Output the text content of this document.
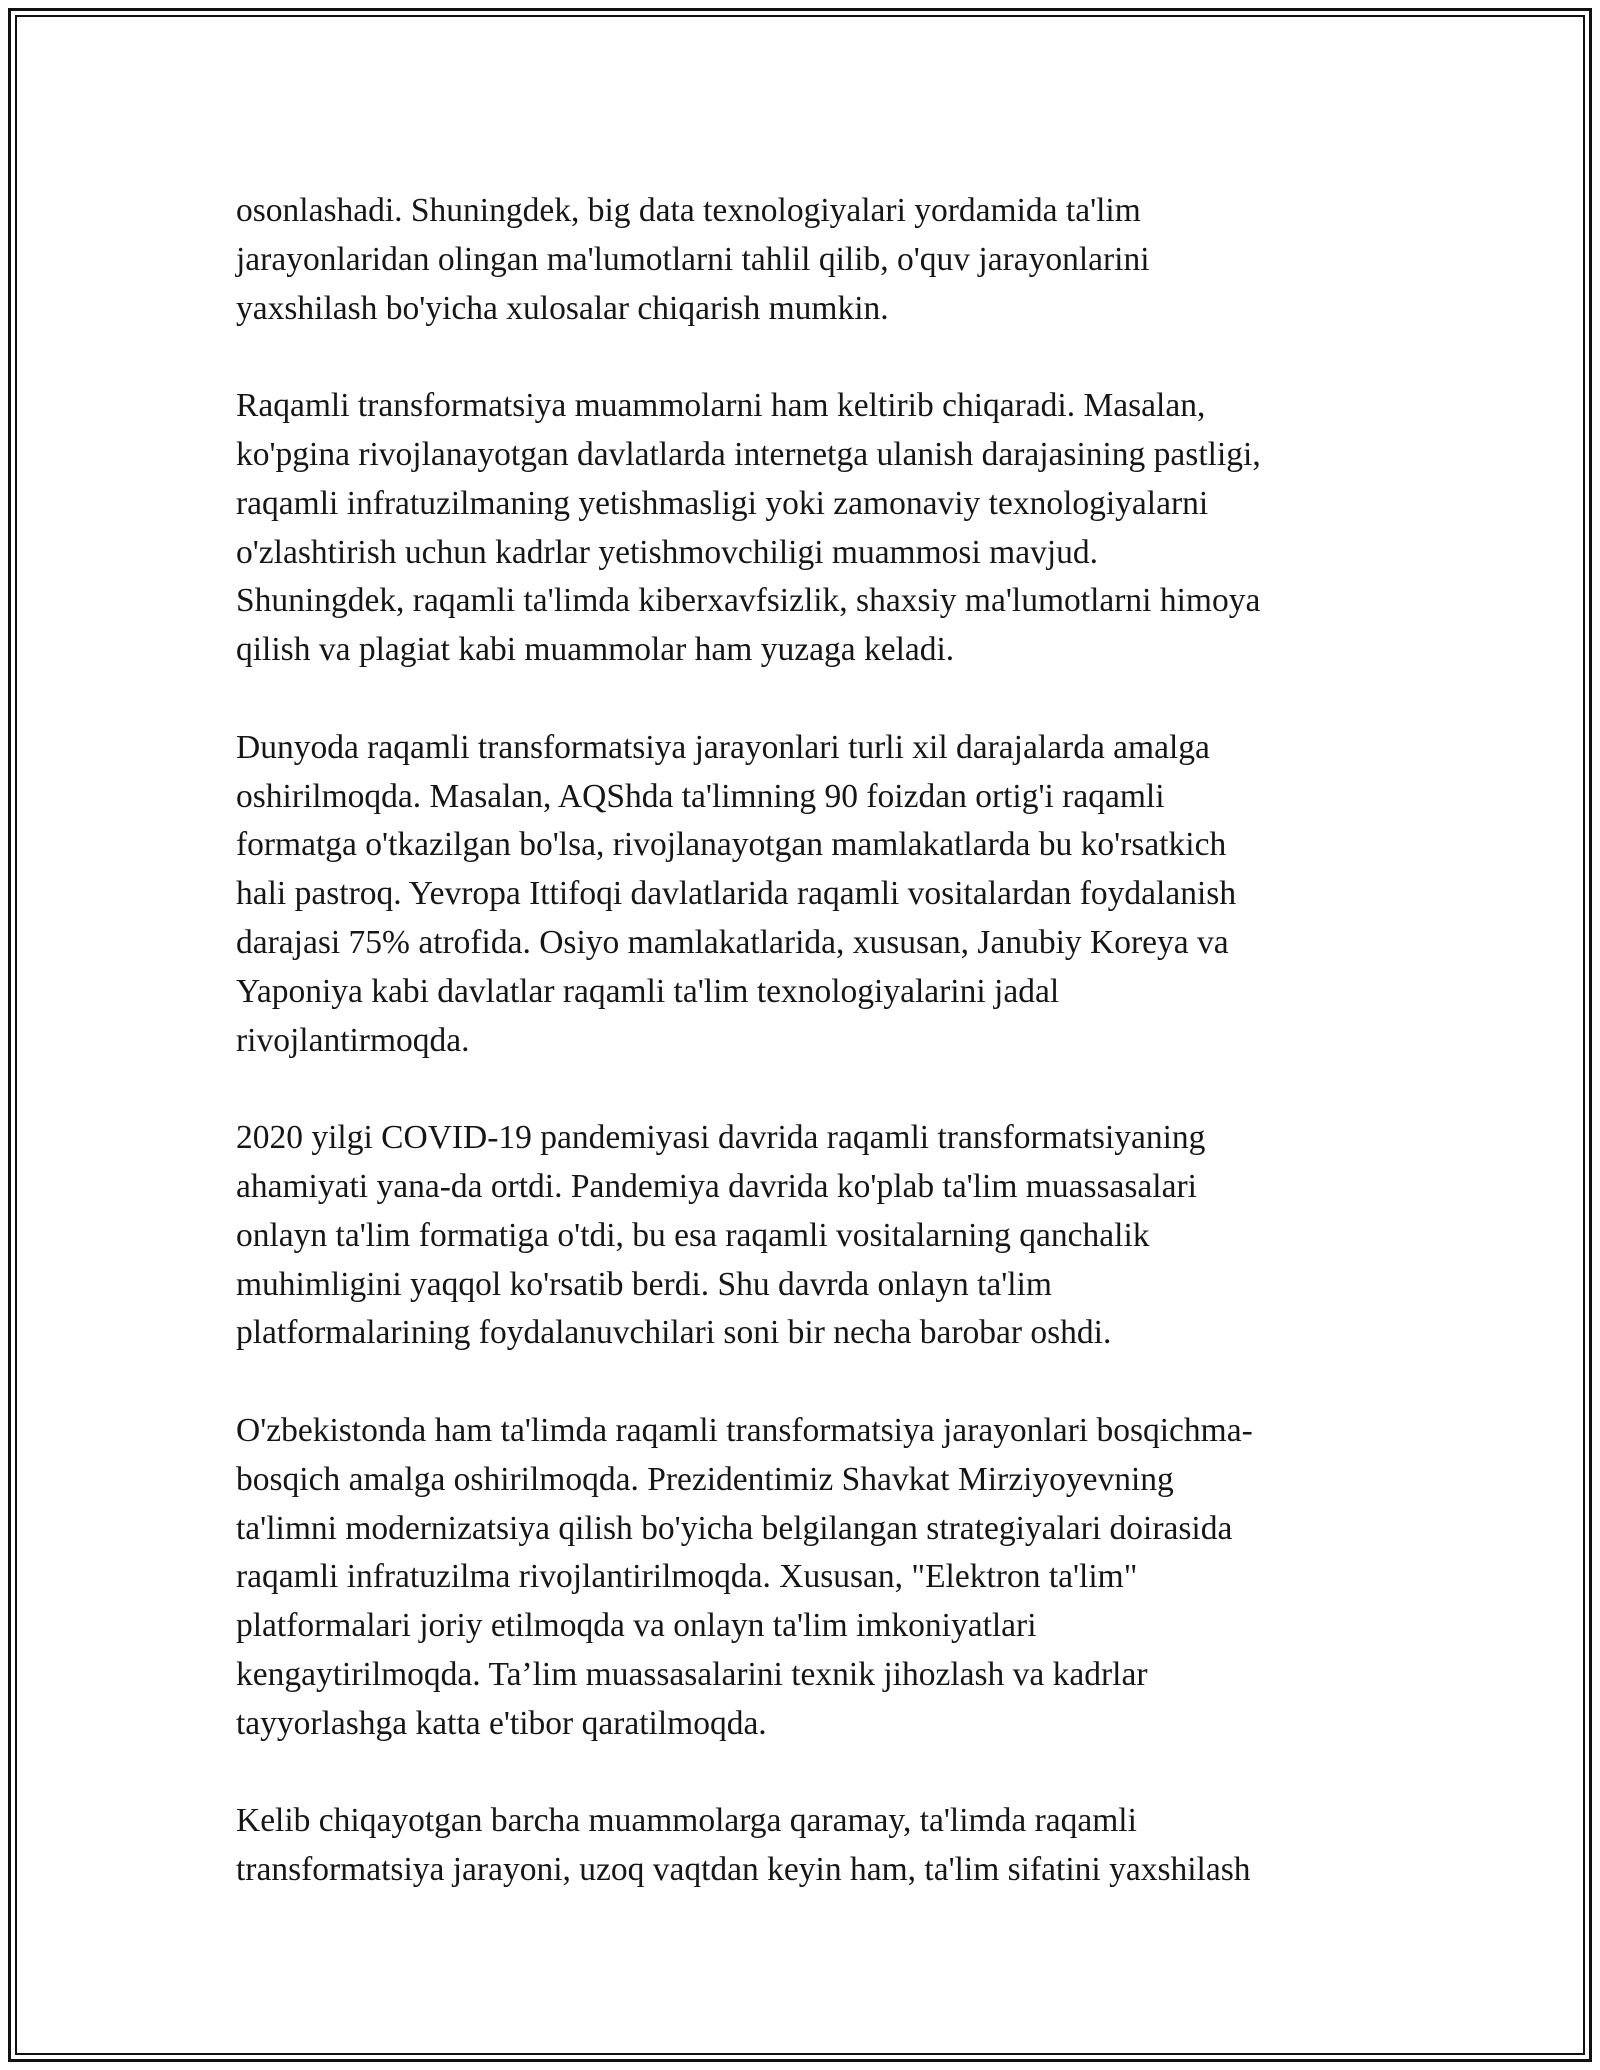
osonlashadi. Shuningdek, big data texnologiyalari yordamida ta'lim
jarayonlaridan olingan ma'lumotlarni tahlil qilib, o'quv jarayonlarini
yaxshilash bo'yicha xulosalar chiqarish mumkin.

Raqamli transformatsiya muammolarni ham keltirib chiqaradi. Masalan,
ko'pgina rivojlanayotgan davlatlarda internetga ulanish darajasining pastligi,
raqamli infratuzilmaning yetishmasligi yoki zamonaviy texnologiyalarni
o'zlashtirish uchun kadrlar yetishmovchiligi muammosi mavjud.
Shuningdek, raqamli ta'limda kiberxavfsizlik, shaxsiy ma'lumotlarni himoya
qilish va plagiat kabi muammolar ham yuzaga keladi.

Dunyoda raqamli transformatsiya jarayonlari turli xil darajalarda amalga
oshirilmoqda. Masalan, AQShda ta'limning 90 foizdan ortig'i raqamli
formatga o'tkazilgan bo'lsa, rivojlanayotgan mamlakatlarda bu ko'rsatkich
hali pastroq. Yevropa Ittifoqi davlatlarida raqamli vositalardan foydalanish
darajasi 75% atrofida. Osiyo mamlakatlarida, xususan, Janubiy Koreya va
Yaponiya kabi davlatlar raqamli ta'lim texnologiyalarini jadal
rivojlantirmoqda.

2020 yilgi COVID-19 pandemiyasi davrida raqamli transformatsiyaning
ahamiyati yana-da ortdi. Pandemiya davrida ko'plab ta'lim muassasalari
onlayn ta'lim formatiga o'tdi, bu esa raqamli vositalarning qanchalik
muhimligini yaqqol ko'rsatib berdi. Shu davrda onlayn ta'lim
platformalarining foydalanuvchilari soni bir necha barobar oshdi.

O'zbekistonda ham ta'limda raqamli transformatsiya jarayonlari bosqichma-
bosqich amalga oshirilmoqda. Prezidentimiz Shavkat Mirziyoyevning
ta'limni modernizatsiya qilish bo'yicha belgilangan strategiyalari doirasida
raqamli infratuzilma rivojlantirilmoqda. Xususan, "Elektron ta'lim"
platformalari joriy etilmoqda va onlayn ta'lim imkoniyatlari
kengaytirilmoqda. Ta’lim muassasalarini texnik jihozlash va kadrlar
tayyorlashga katta e'tibor qaratilmoqda.

Kelib chiqayotgan barcha muammolarga qaramay, ta'limda raqamli
transformatsiya jarayoni, uzoq vaqtdan keyin ham, ta'lim sifatini yaxshilash
